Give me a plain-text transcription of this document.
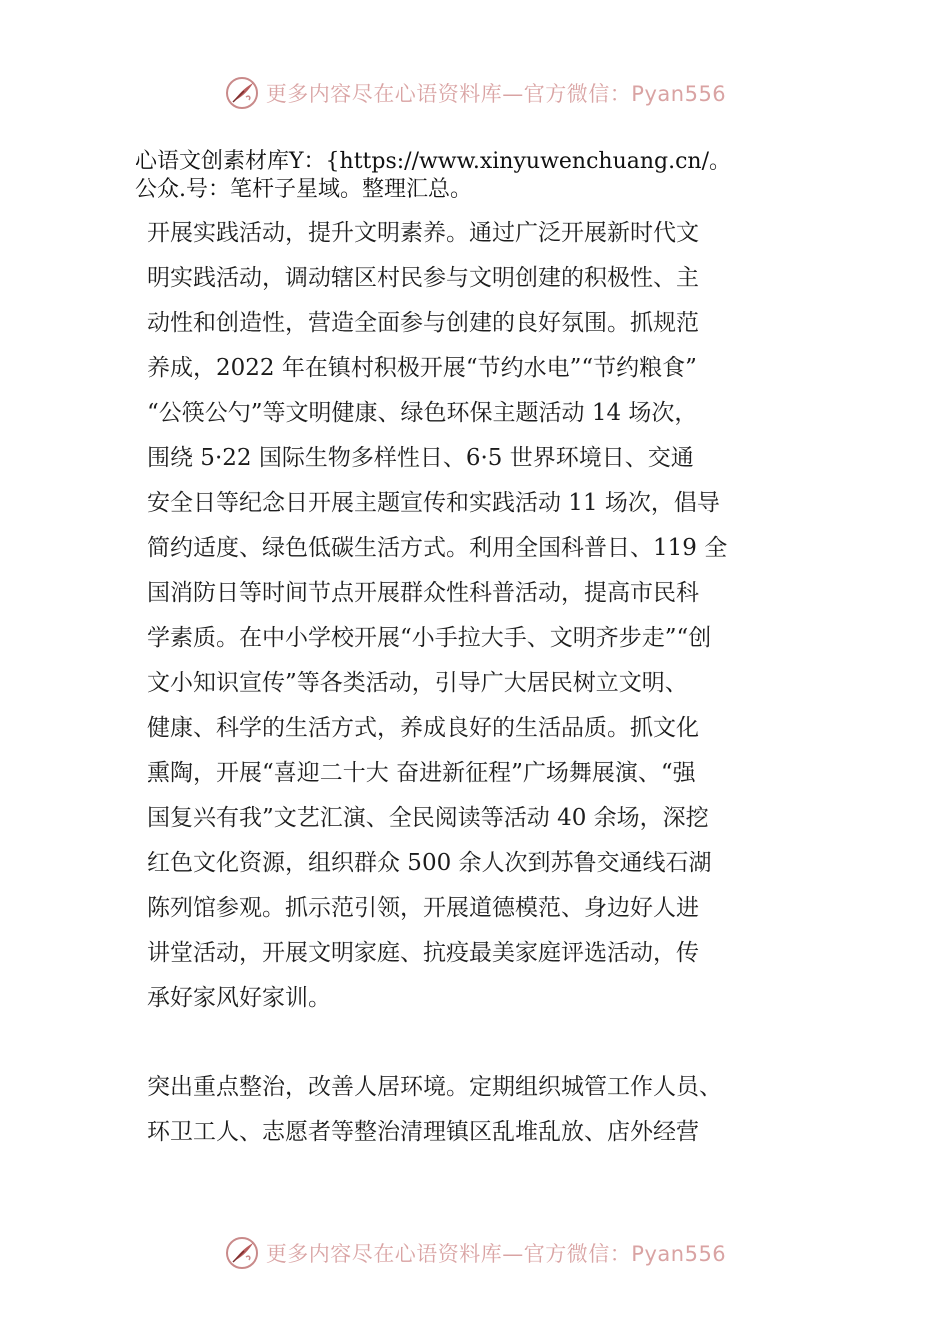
更多内容尽在心语资料库—官方微信：Pyan556
心语文创素材库Y：{https://www.xinyuwenchuang.cn/。
公众.号：笔杆子星域。整理汇总。
开展实践活动，提升文明素养。通过广泛开展新时代文
明实践活动，调动辖区村民参与文明创建的积极性、主
动性和创造性，营造全面参与创建的良好氛围。抓规范
养成，2022 年在镇村积极开展“节约水电”“节约粮食”
“公筷公勺”等文明健康、绿色环保主题活动 14 场次，
围绕 5·22 国际生物多样性日、6·5 世界环境日、交通
安全日等纪念日开展主题宣传和实践活动 11 场次，倡导
简约适度、绿色低碳生活方式。利用全国科普日、119 全
国消防日等时间节点开展群众性科普活动，提高市民科
学素质。在中小学校开展“小手拉大手、文明齐步走”“创
文小知识宣传”等各类活动，引导广大居民树立文明、
健康、科学的生活方式，养成良好的生活品质。抓文化
熏陶，开展“喜迎二十大 奋进新征程”广场舞展演、“强
国复兴有我”文艺汇演、全民阅读等活动 40 余场，深挖
红色文化资源，组织群众 500 余人次到苏鲁交通线石湖
陈列馆参观。抓示范引领，开展道德模范、身边好人进
讲堂活动，开展文明家庭、抗疫最美家庭评选活动，传
承好家风好家训。
突出重点整治，改善人居环境。定期组织城管工作人员、
环卫工人、志愿者等整治清理镇区乱堆乱放、店外经营
更多内容尽在心语资料库—官方微信：Pyan556
